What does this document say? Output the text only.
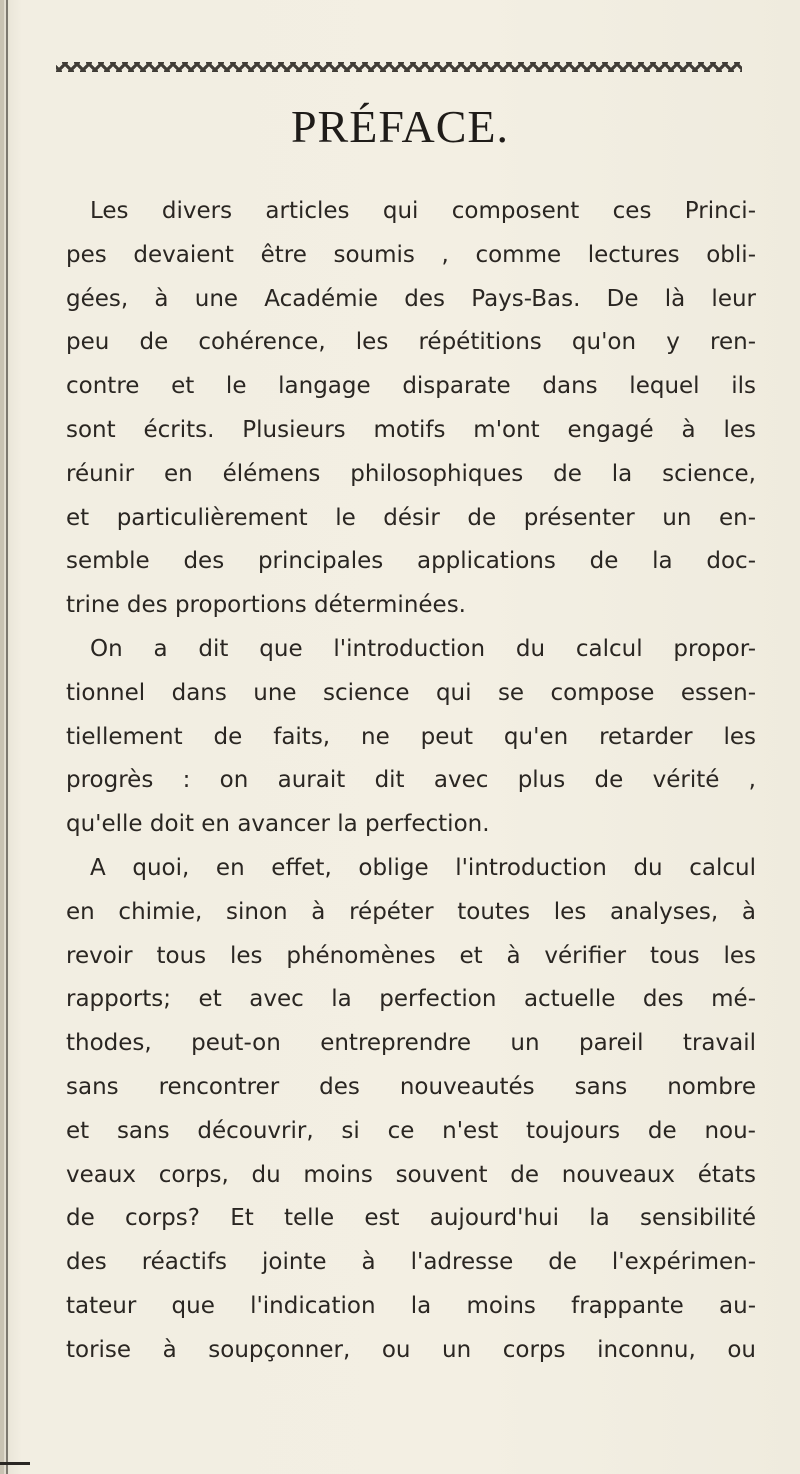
PRÉFACE.
Les divers articles qui composent ces Princi-
pes devaient être soumis , comme lectures obli-
gées, à une Académie des Pays-Bas. De là leur
peu de cohérence, les répétitions qu'on y ren-
contre et le langage disparate dans lequel ils
sont écrits. Plusieurs motifs m'ont engagé à les
réunir en élémens philosophiques de la science,
et particulièrement le désir de présenter un en-
semble des principales applications de la doc-
trine des proportions déterminées.
On a dit que l'introduction du calcul propor-
tionnel dans une science qui se compose essen-
tiellement de faits, ne peut qu'en retarder les
progrès : on aurait dit avec plus de vérité ,
qu'elle doit en avancer la perfection.
A quoi, en effet, oblige l'introduction du calcul
en chimie, sinon à répéter toutes les analyses, à
revoir tous les phénomènes et à vérifier tous les
rapports; et avec la perfection actuelle des mé-
thodes, peut-on entreprendre un pareil travail
sans rencontrer des nouveautés sans nombre
et sans découvrir, si ce n'est toujours de nou-
veaux corps, du moins souvent de nouveaux états
de corps? Et telle est aujourd'hui la sensibilité
des réactifs jointe à l'adresse de l'expérimen-
tateur que l'indication la moins frappante au-
torise à soupçonner, ou un corps inconnu, ou
